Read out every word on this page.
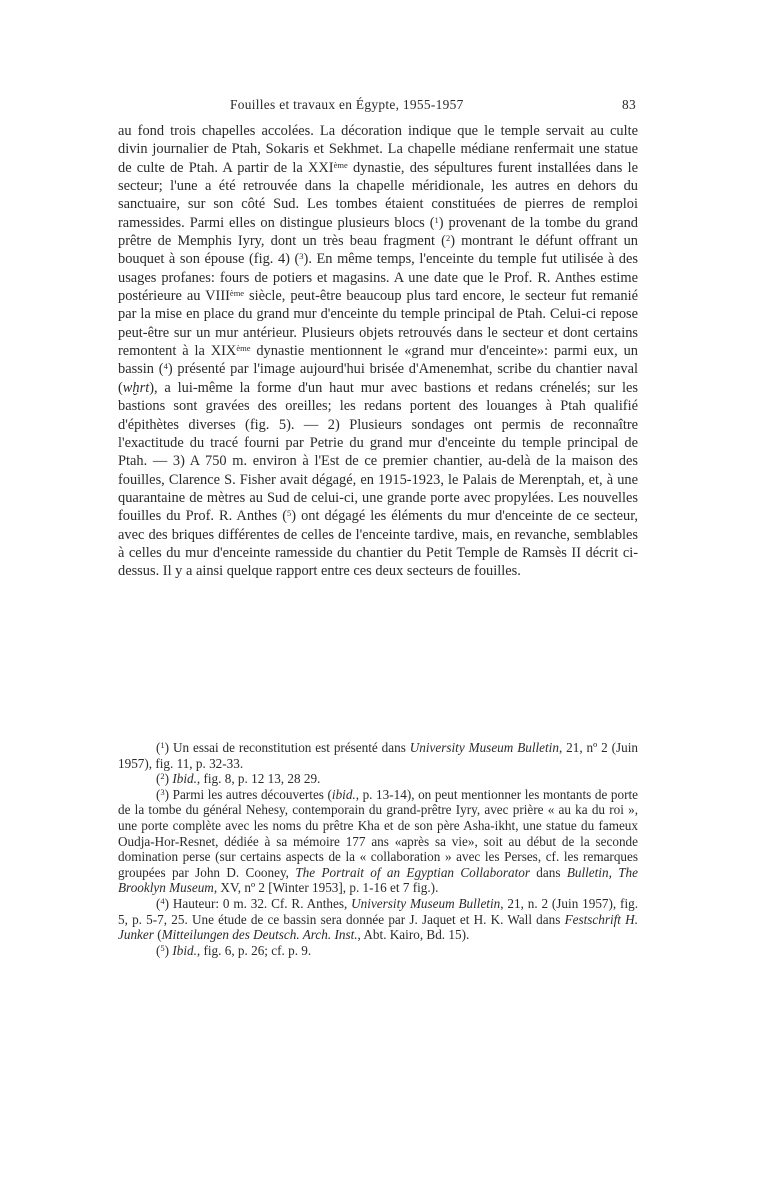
Fouilles et travaux en Égypte, 1955-1957	83

au fond trois chapelles accolées. La décoration indique que le temple servait au culte divin journalier de Ptah, Sokaris et Sekhmet. La chapelle médiane renfermait une statue de culte de Ptah. A partir de la XXIème dynastie, des sépultures furent installées dans le secteur; l'une a été retrouvée dans la chapelle méridionale, les autres en dehors du sanctuaire, sur son côté Sud. Les tombes étaient constituées de pierres de remploi ramessides. Parmi elles on distingue plusieurs blocs ($^1$) provenant de la tombe du grand prêtre de Memphis Iyry, dont un très beau fragment ($^2$) montrant le défunt offrant un bouquet à son épouse (fig. 4) ($^3$). En même temps, l'enceinte du temple fut utilisée à des usages profanes: fours de potiers et magasins. A une date que le Prof. R. Anthes estime postérieure au VIIIème siècle, peut-être beaucoup plus tard encore, le secteur fut remanié par la mise en place du grand mur d'enceinte du temple principal de Ptah. Celui-ci repose peut-être sur un mur antérieur. Plusieurs objets retrouvés dans le secteur et dont certains remontent à la XIXème dynastie mentionnent le «grand mur d'enceinte»: parmi eux, un bassin ($^4$) présenté par l'image aujourd'hui brisée d'Amenemhat, scribe du chantier naval (wḫrt), a lui-même la forme d'un haut mur avec bastions et redans crénelés; sur les bastions sont gravées des oreilles; les redans portent des louanges à Ptah qualifié d'épithètes diverses (fig. 5). — 2) Plusieurs sondages ont permis de reconnaître l'exactitude du tracé fourni par Petrie du grand mur d'enceinte du temple principal de Ptah. — 3) A 750 m. environ à l'Est de ce premier chantier, au-delà de la maison des fouilles, Clarence S. Fisher avait dégagé, en 1915-1923, le Palais de Merenptah, et, à une quarantaine de mètres au Sud de celui-ci, une grande porte avec propylées. Les nouvelles fouilles du Prof. R. Anthes ($^5$) ont dégagé les éléments du mur d'enceinte de ce secteur, avec des briques différentes de celles de l'enceinte tardive, mais, en revanche, semblables à celles du mur d'enceinte ramesside du chantier du Petit Temple de Ramsès II décrit ci-dessus. Il y a ainsi quelque rapport entre ces deux secteurs de fouilles.

($^1$) Un essai de reconstitution est présenté dans University Museum Bulletin, 21, nº 2 (Juin 1957), fig. 11, p. 32-33.

($^2$) Ibid., fig. 8, p. 12 13, 28 29.

($^3$) Parmi les autres découvertes (ibid., p. 13-14), on peut mentionner les montants de porte de la tombe du général Nehesy, contemporain du grand-prêtre Iyry, avec prière « au ka du roi », une porte complète avec les noms du prêtre Kha et de son père Asha-ikht, une statue du fameux Oudja-Hor-Resnet, dédiée à sa mémoire 177 ans «après sa vie», soit au début de la seconde domination perse (sur certains aspects de la « collaboration » avec les Perses, cf. les remarques groupées par John D. Cooney, The Portrait of an Egyptian Collaborator dans Bulletin, The Brooklyn Museum, XV, nº 2 [Winter 1953], p. 1-16 et 7 fig.).

($^4$) Hauteur: 0 m. 32. Cf. R. Anthes, University Museum Bulletin, 21, n. 2 (Juin 1957), fig. 5, p. 5-7, 25. Une étude de ce bassin sera donnée par J. Jaquet et H. K. Wall dans Festschrift H. Junker (Mitteilungen des Deutsch. Arch. Inst., Abt. Kairo, Bd. 15).

($^5$) Ibid., fig. 6, p. 26; cf. p. 9.
